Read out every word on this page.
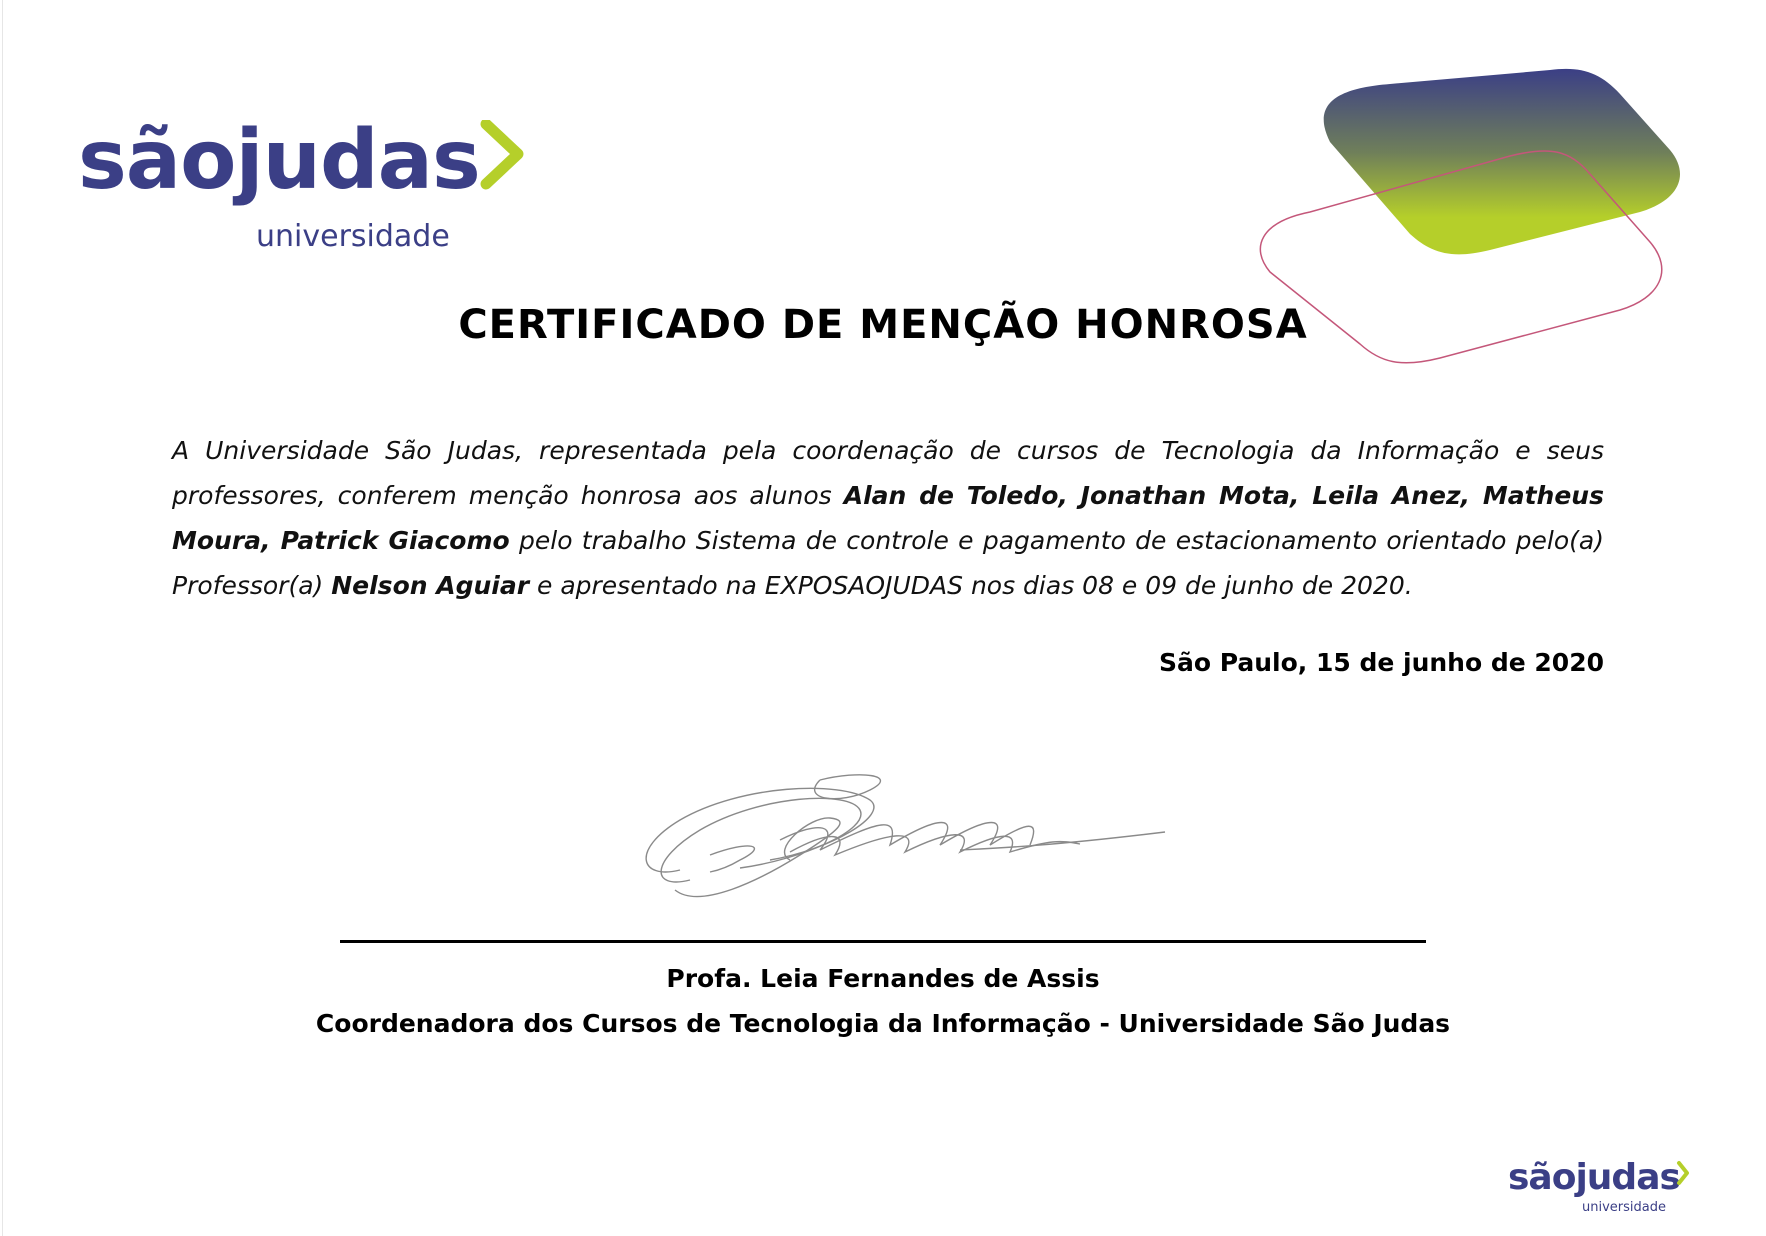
sãojudas
universidade
CERTIFICADO DE MENÇÃO HONROSA
A Universidade São Judas, representada pela coordenação de cursos de Tecnologia da Informação e seus professores, conferem menção honrosa aos alunos Alan de Toledo, Jonathan Mota, Leila Anez, Matheus Moura, Patrick Giacomo pelo trabalho Sistema de controle e pagamento de estacionamento orientado pelo(a) Professor(a) Nelson Aguiar e apresentado na EXPOSAOJUDAS nos dias 08 e 09 de junho de 2020.
São Paulo, 15 de junho de 2020
Profa. Leia Fernandes de Assis
Coordenadora dos Cursos de Tecnologia da Informação - Universidade São Judas
sãojudas
universidade
